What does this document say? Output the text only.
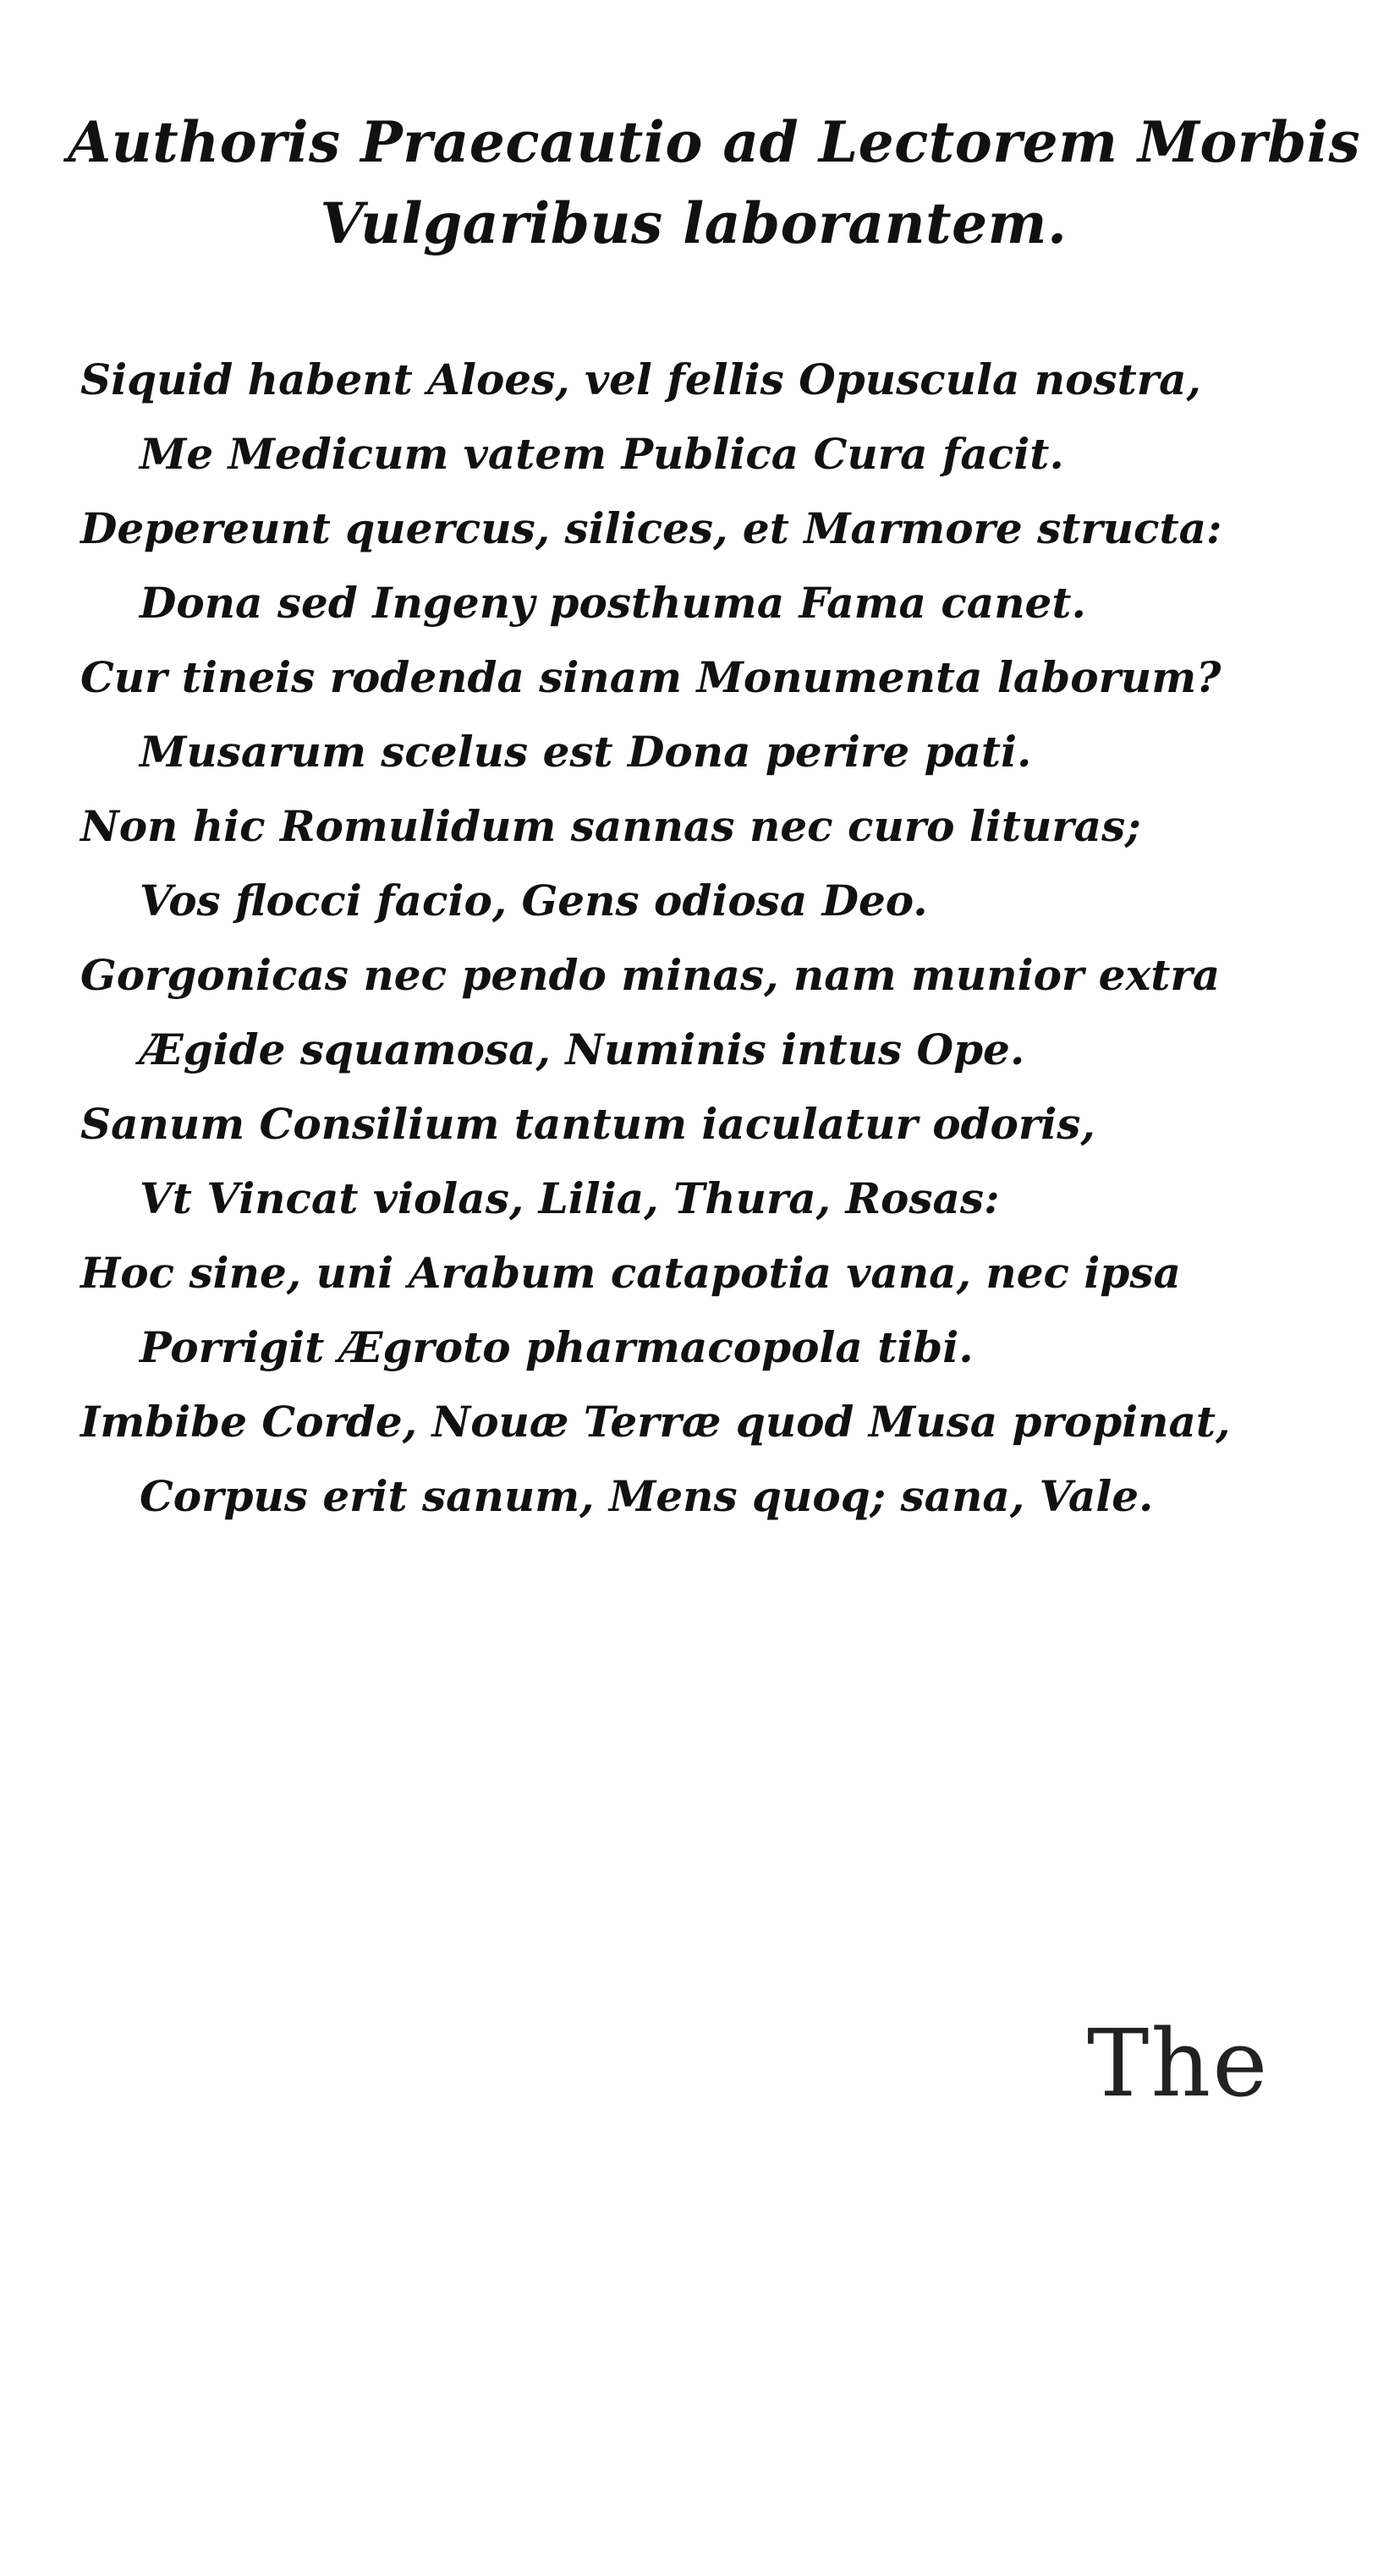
Authoris Praecautio ad Lectorem Morbis
Vulgaribus laborantem.
Siquid habent Aloes, vel fellis Opuscula nostra,
Me Medicum vatem Publica Cura facit.
Depereunt quercus, silices, et Marmore structa:
Dona sed Ingeny posthuma Fama canet.
Cur tineis rodenda sinam Monumenta laborum?
Musarum scelus est Dona perire pati.
Non hic Romulidum sannas nec curo lituras;
Vos flocci facio, Gens odiosa Deo.
Gorgonicas nec pendo minas, nam munior extra
Ægide squamosa, Numinis intus Ope.
Sanum Consilium tantum iaculatur odoris,
Vt Vincat violas, Lilia, Thura, Rosas:
Hoc sine, uni Arabum catapotia vana, nec ipsa
Porrigit Ægroto pharmacopola tibi.
Imbibe Corde, Nouæ Terræ quod Musa propinat,
Corpus erit sanum, Mens quoq; sana, Vale.
The
